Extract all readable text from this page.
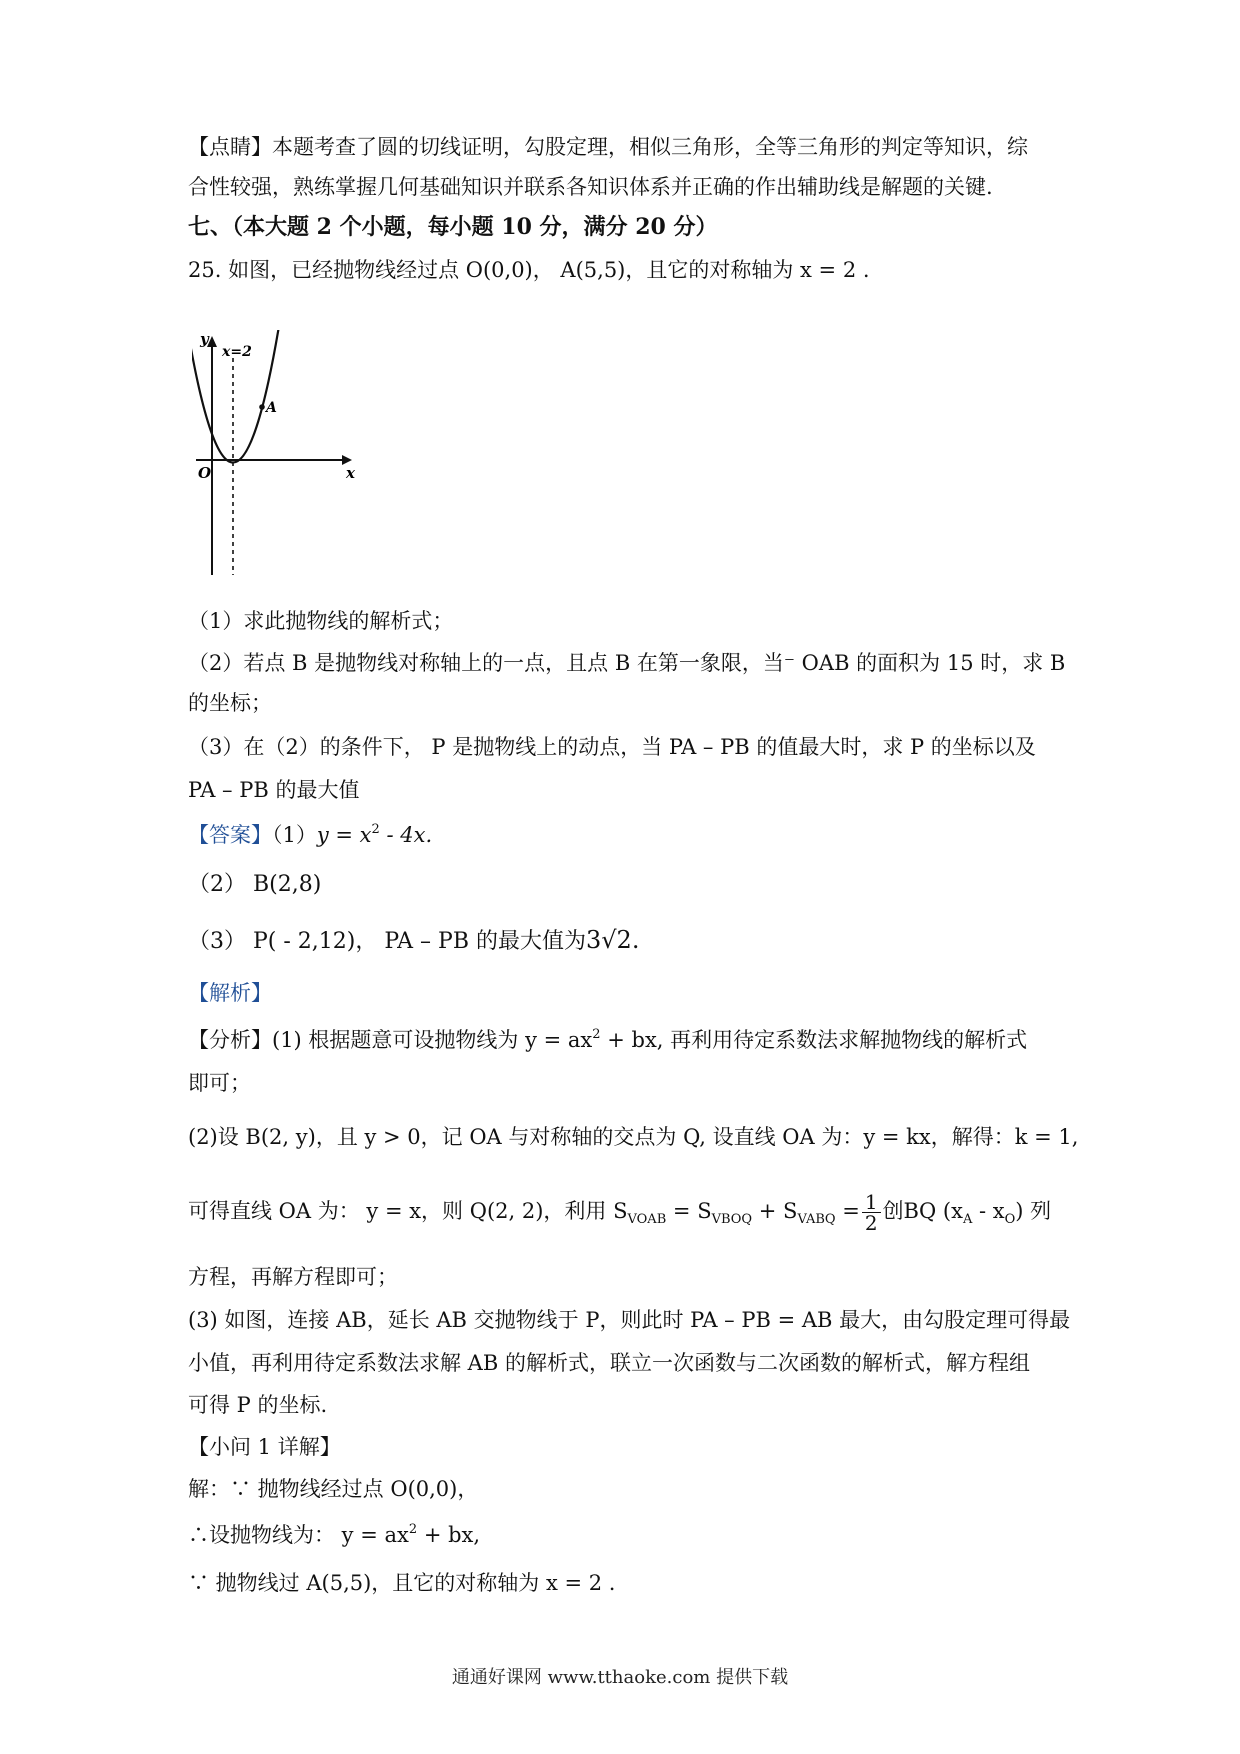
【点睛】本题考查了圆的切线证明，勾股定理，相似三角形，全等三角形的判定等知识，综
合性较强，熟练掌握几何基础知识并联系各知识体系并正确的作出辅助线是解题的关键.
七、（本大题 2 个小题，每小题 10 分，满分 20 分）
25. 如图，已经抛物线经过点 O(0,0)， A(5,5)，且它的对称轴为 x = 2 .
y
x
O
x=2
A
（1）求此抛物线的解析式；
（2）若点 B 是抛物线对称轴上的一点，且点 B 在第一象限，当⁻ OAB 的面积为 15 时，求 B
的坐标；
（3）在（2）的条件下， P 是抛物线上的动点，当 PA – PB 的值最大时，求 P 的坐标以及
PA – PB 的最大值
【答案】$(1)y = x^2 - 4x$.
（2） B(2,8)
（3） P( - 2,12)， PA – PB 的最大值为3√2.
【解析】
【分析】(1) 根据题意可设抛物线为 $y = ax^2$ + bx, 再利用待定系数法求解抛物线的解析式
即可；
(2)设 B(2, y)，且 y > 0，记 OA 与对称轴的交点为 Q, 设直线 OA 为：y = kx，解得：k = 1,
可得直线 OA 为： y = x，则 Q(2, 2)，利用 $S_{VOAB} = S_{VBOQ} + S_{VABQ} = \frac{1}{2}$ 创BQ $(x_A - x_O)$ 列
方程，再解方程即可；
(3) 如图，连接 AB，延长 AB 交抛物线于 P，则此时 PA – PB = AB 最大，由勾股定理可得最
小值，再利用待定系数法求解 AB 的解析式，联立一次函数与二次函数的解析式，解方程组
可得 P 的坐标.
【小问 1 详解】
解：∵ 抛物线经过点 O(0,0)，
∴设抛物线为： $y = ax^2$ + bx,
∵ 抛物线过 A(5,5)，且它的对称轴为 x = 2 .
通通好课网 www.tthaoke.com 提供下载
